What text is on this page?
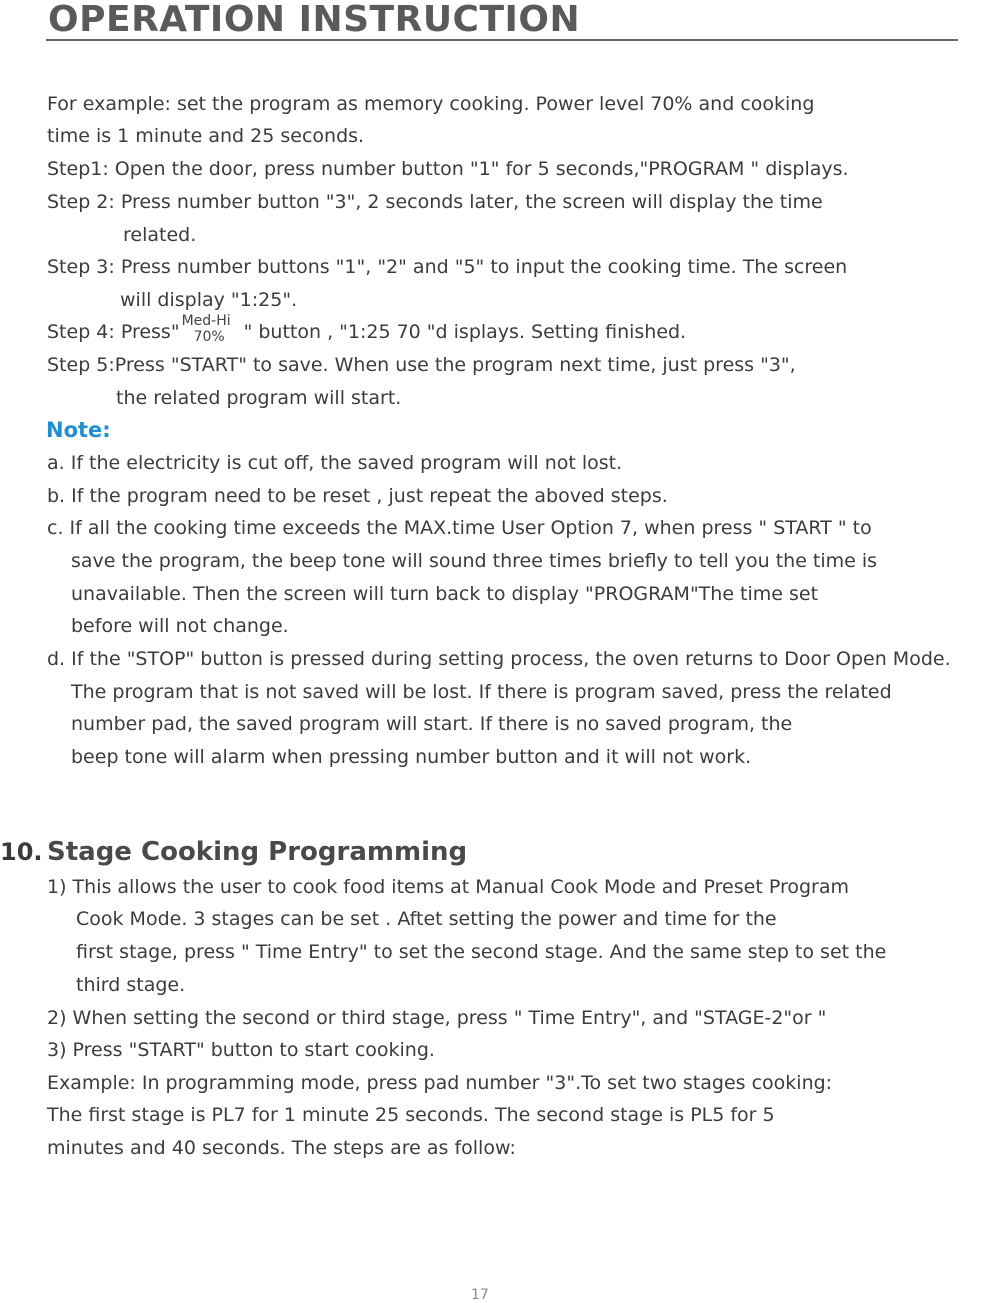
OPERATION INSTRUCTION
For example: set the program as memory cooking. Power level 70% and cooking
time is 1 minute and 25 seconds.
Step1: Open the door, press number button "1" for 5 seconds,"PROGRAM " displays.
Step 2: Press number button "3", 2 seconds later, the screen will display the time
related.
Step 3: Press number buttons "1", "2" and "5" to input the cooking time. The screen
will display "1:25".
Step 4: Press" Med-Hi
70% " button , "1:25 70 "d isplays. Setting finished.
Step 5:Press "START" to save. When use the program next time, just press "3",
the related program will start.
Note:
a. If the electricity is cut off, the saved program will not lost.
b. If the program need to be reset , just repeat the aboved steps.
c. If all the cooking time exceeds the MAX.time User Option 7, when press " START " to
save the program, the beep tone will sound three times briefly to tell you the time is
unavailable. Then the screen will turn back to display "PROGRAM"The time set
before will not change.
d. If the "STOP" button is pressed during setting process, the oven returns to Door Open Mode.
The program that is not saved will be lost. If there is program saved, press the related
number pad, the saved program will start. If there is no saved program, the
beep tone will alarm when pressing number button and it will not work.
10. Stage Cooking Programming
1) This allows the user to cook food items at Manual Cook Mode and Preset Program
Cook Mode. 3 stages can be set . Aftet setting the power and time for the
first stage, press " Time Entry" to set the second stage. And the same step to set the
third stage.
2) When setting the second or third stage, press " Time Entry", and "STAGE-2"or "
3) Press "START" button to start cooking.
Example: In programming mode, press pad number "3".To set two stages cooking:
The first stage is PL7 for 1 minute 25 seconds. The second stage is PL5 for 5
minutes and 40 seconds. The steps are as follow:
17
